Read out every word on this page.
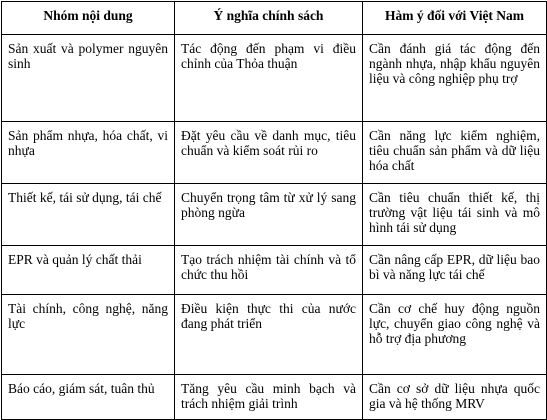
Nhóm nội dung	Ý nghĩa chính sách	Hàm ý đối với Việt Nam
Sản xuất và polymer nguyên sinh	Tác động đến phạm vi điều chỉnh của Thỏa thuận	Cần đánh giá tác động đến ngành nhựa, nhập khẩu nguyên liệu và công nghiệp phụ trợ
Sản phẩm nhựa, hóa chất, vi nhựa	Đặt yêu cầu về danh mục, tiêu chuẩn và kiểm soát rủi ro	Cần năng lực kiểm nghiệm, tiêu chuẩn sản phẩm và dữ liệu hóa chất
Thiết kế, tái sử dụng, tái chế	Chuyển trọng tâm từ xử lý sang phòng ngừa	Cần tiêu chuẩn thiết kế, thị trường vật liệu tái sinh và mô hình tái sử dụng
EPR và quản lý chất thải	Tạo trách nhiệm tài chính và tổ chức thu hồi	Cần nâng cấp EPR, dữ liệu bao bì và năng lực tái chế
Tài chính, công nghệ, năng lực	Điều kiện thực thi của nước đang phát triển	Cần cơ chế huy động nguồn lực, chuyển giao công nghệ và hỗ trợ địa phương
Báo cáo, giám sát, tuân thủ	Tăng yêu cầu minh bạch và trách nhiệm giải trình	Cần cơ sở dữ liệu nhựa quốc gia và hệ thống MRV
